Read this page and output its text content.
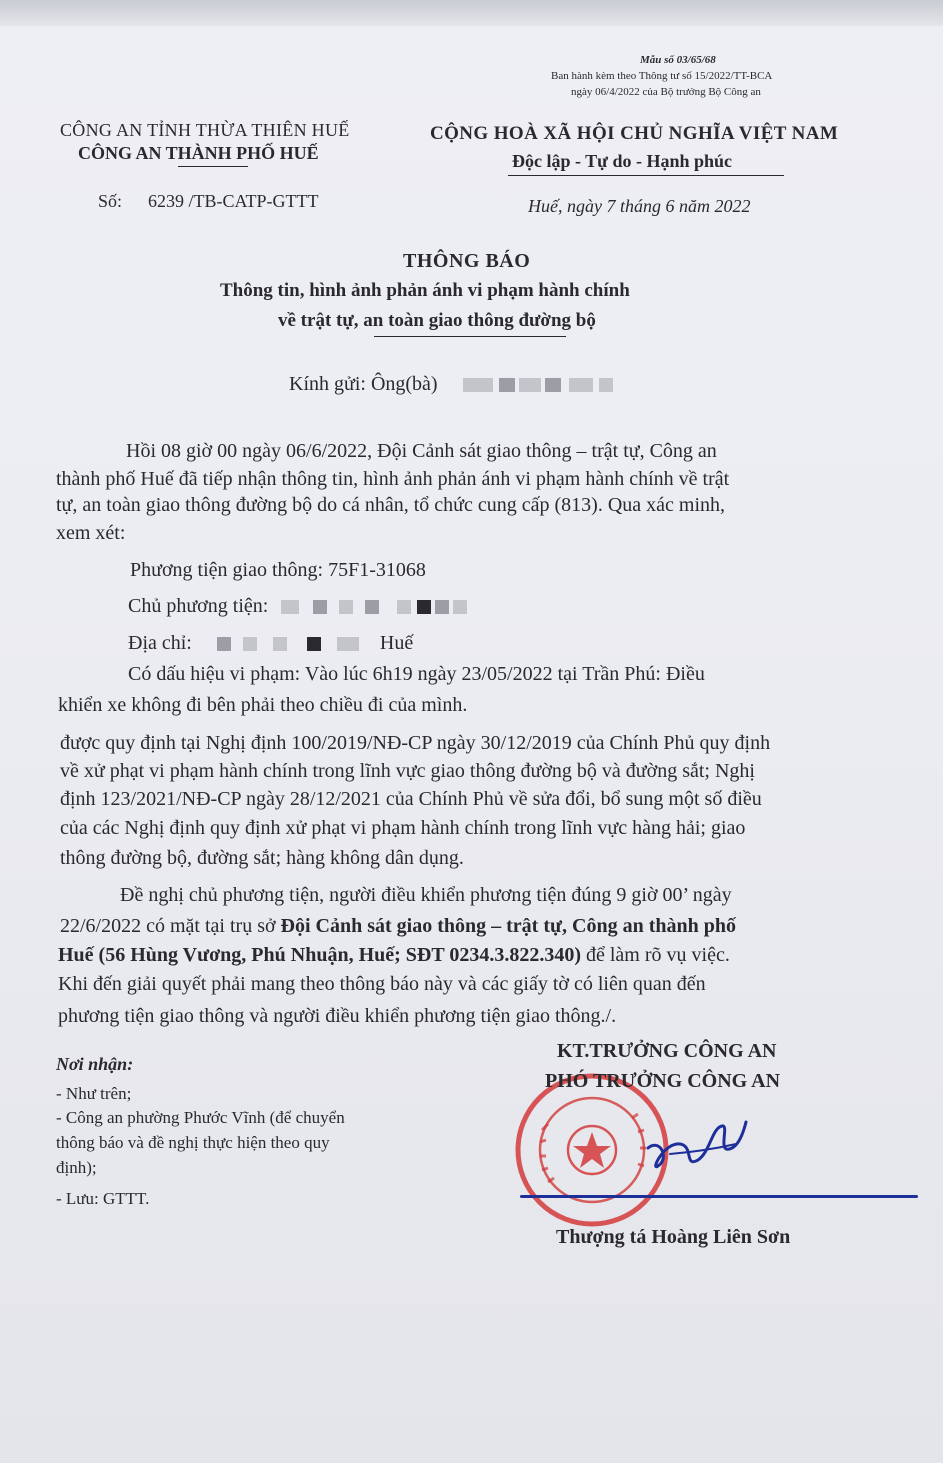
Mẫu số 03/65/68
Ban hành kèm theo Thông tư số 15/2022/TT-BCA
ngày 06/4/2022 của Bộ trưởng Bộ Công an
CÔNG AN TỈNH THỪA THIÊN HUẾ
CÔNG AN THÀNH PHỐ HUẾ
CỘNG HOÀ XÃ HỘI CHỦ NGHĨA VIỆT NAM
Độc lập - Tự do - Hạnh phúc
Số: 6239 /TB-CATP-GTTT	Huế, ngày 7 tháng 6 năm 2022
THÔNG BÁO
Thông tin, hình ảnh phản ánh vi phạm hành chính
về trật tự, an toàn giao thông đường bộ
Kính gửi: Ông(bà)
Hồi 08 giờ 00 ngày 06/6/2022, Đội Cảnh sát giao thông – trật tự, Công an
thành phố Huế đã tiếp nhận thông tin, hình ảnh phản ánh vi phạm hành chính về trật
tự, an toàn giao thông đường bộ do cá nhân, tổ chức cung cấp (813). Qua xác minh,
xem xét:
Phương tiện giao thông: 75F1-31068
Chủ phương tiện:
Địa chỉ:	Huế
Có dấu hiệu vi phạm: Vào lúc 6h19 ngày 23/05/2022 tại Trần Phú: Điều
khiển xe không đi bên phải theo chiều đi của mình.
được quy định tại Nghị định 100/2019/NĐ-CP ngày 30/12/2019 của Chính Phủ quy định
về xử phạt vi phạm hành chính trong lĩnh vực giao thông đường bộ và đường sắt; Nghị
định 123/2021/NĐ-CP ngày 28/12/2021 của Chính Phủ về sửa đổi, bổ sung một số điều
của các Nghị định quy định xử phạt vi phạm hành chính trong lĩnh vực hàng hải; giao
thông đường bộ, đường sắt; hàng không dân dụng.
Đề nghị chủ phương tiện, người điều khiển phương tiện đúng 9 giờ 00’ ngày
22/6/2022 có mặt tại trụ sở Đội Cảnh sát giao thông – trật tự, Công an thành phố
Huế (56 Hùng Vương, Phú Nhuận, Huế; SĐT 0234.3.822.340) để làm rõ vụ việc.
Khi đến giải quyết phải mang theo thông báo này và các giấy tờ có liên quan đến
phương tiện giao thông và người điều khiển phương tiện giao thông./.
Nơi nhận:
- Như trên;
- Công an phường Phước Vĩnh (để chuyển
thông báo và đề nghị thực hiện theo quy
định);
- Lưu: GTTT.
KT.TRƯỞNG CÔNG AN
PHÓ TRƯỞNG CÔNG AN
Thượng tá Hoàng Liên Sơn
